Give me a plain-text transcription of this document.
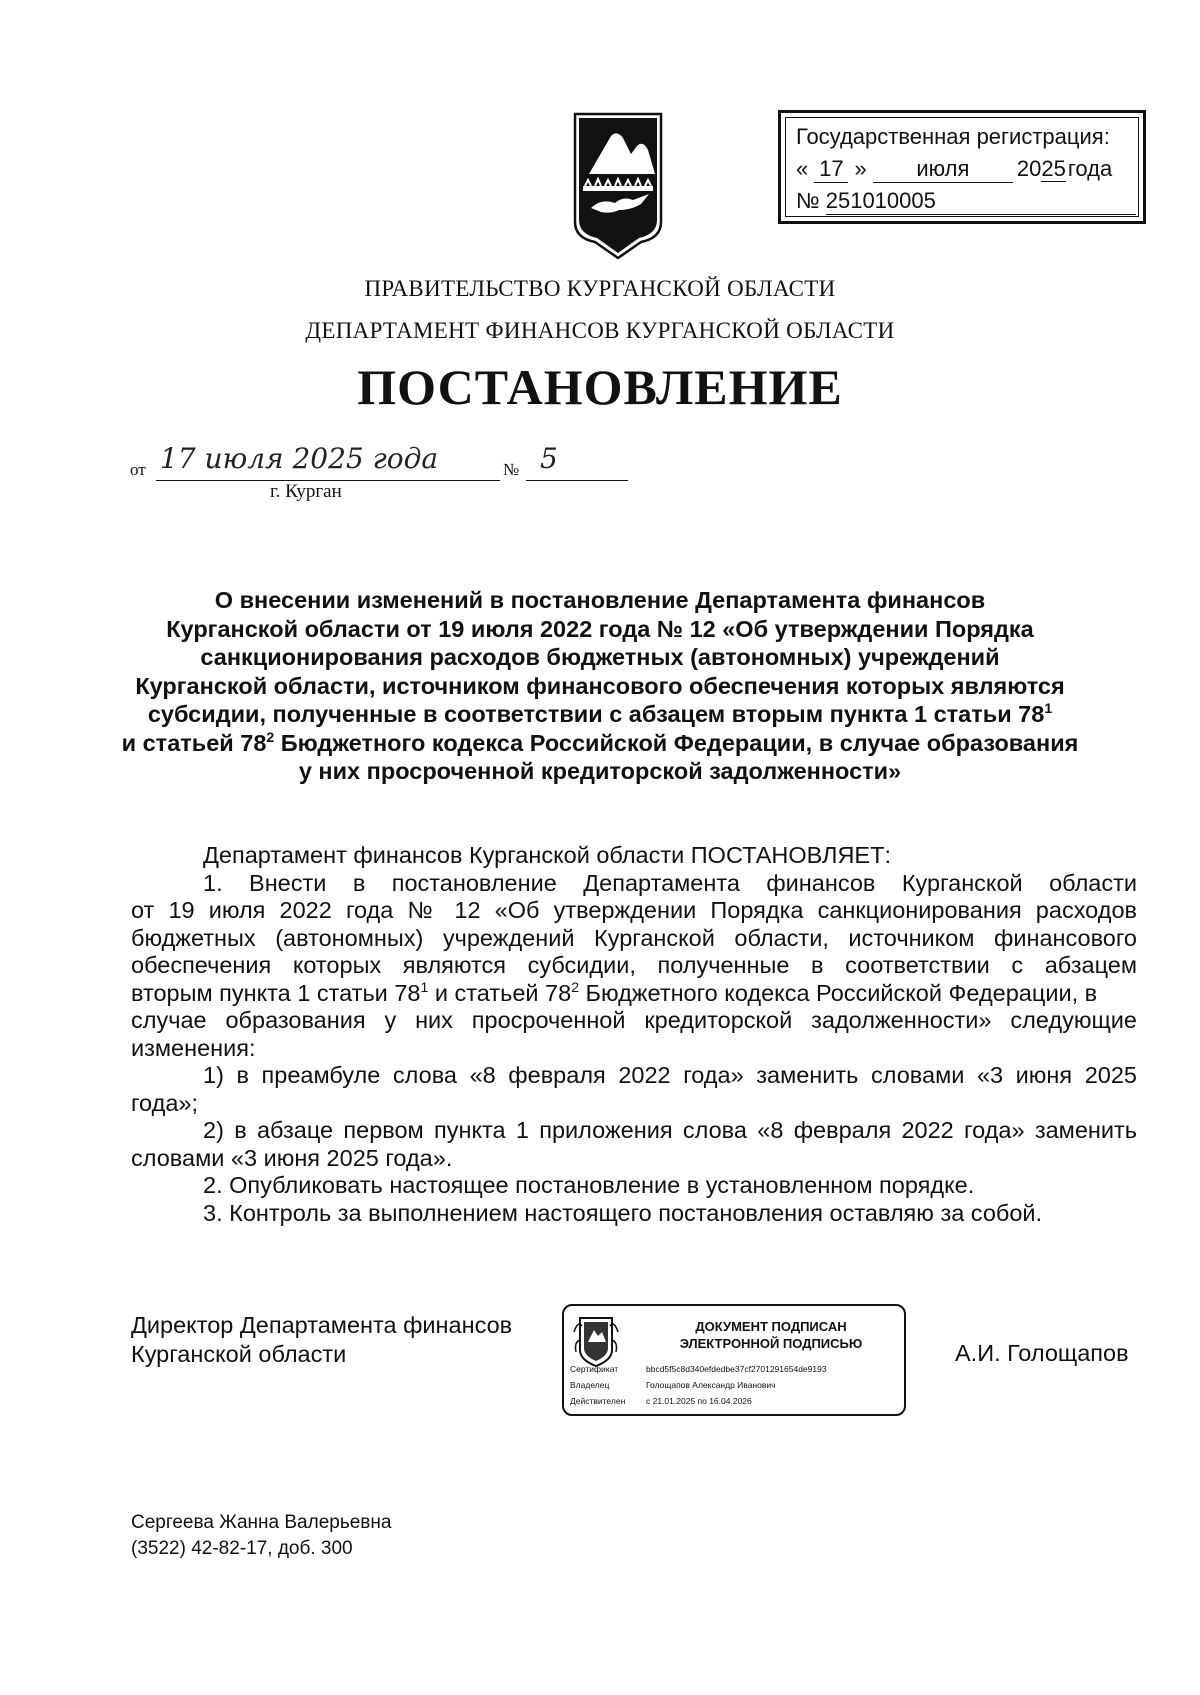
Государственная регистрация:
« 17 » июля 2025года
№ 251010005
ПРАВИТЕЛЬСТВО КУРГАНСКОЙ ОБЛАСТИ
ДЕПАРТАМЕНТ ФИНАНСОВ КУРГАНСКОЙ ОБЛАСТИ
ПОСТАНОВЛЕНИЕ
от 17 июля 2025 года	№ 5
г. Курган
О внесении изменений в постановление Департамента финансов
Курганской области от 19 июля 2022 года № 12 «Об утверждении Порядка
санкционирования расходов бюджетных (автономных) учреждений
Курганской области, источником финансового обеспечения которых являются
субсидии, полученные в соответствии с абзацем вторым пункта 1 статьи $78^1$
и статьей $78^2$ Бюджетного кодекса Российской Федерации, в случае образования
у них просроченной кредиторской задолженности»
Департамент финансов Курганской области ПОСТАНОВЛЯЕТ:
1. Внести в постановление Департамента финансов Курганской области
от 19 июля 2022 года № 12 «Об утверждении Порядка санкционирования расходов
бюджетных (автономных) учреждений Курганской области, источником финансового
обеспечения которых являются субсидии, полученные в соответствии с абзацем
вторым пункта 1 статьи $78^1$ и статьей $78^2$ Бюджетного кодекса Российской Федерации, в
случае образования у них просроченной кредиторской задолженности» следующие
изменения:
1) в преамбуле слова «8 февраля 2022 года» заменить словами «3 июня 2025
года»;
2) в абзаце первом пункта 1 приложения слова «8 февраля 2022 года» заменить
словами «3 июня 2025 года».
2. Опубликовать настоящее постановление в установленном порядке.
3. Контроль за выполнением настоящего постановления оставляю за собой.
Директор Департамента финансов
Курганской области
ДОКУМЕНТ ПОДПИСАН
ЭЛЕКТРОННОЙ ПОДПИСЬЮ
Сертификат	bbcd5f5c8d340efdedbe37cf2701291654de9193
Владелец	Голощапов Александр Иванович
Действителен с 21.01.2025 по 16.04.2026
А.И. Голощапов
Сергеева Жанна Валерьевна
(3522) 42-82-17, доб. 300
